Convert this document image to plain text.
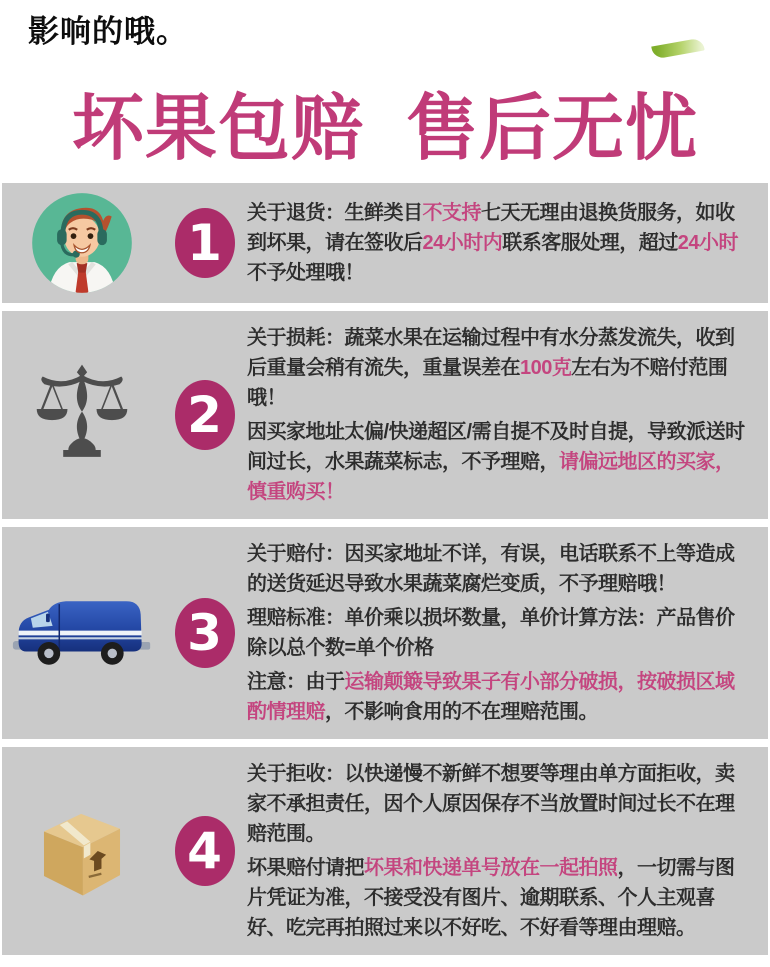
影响的哦。
坏果包赔  售后无忧
1

关于退货：生鲜类目不支持七天无理由退换货服务，如收到坏果，请在签收后24小时内联系客服处理，超过24小时不予处理哦！

2

关于损耗：蔬菜水果在运输过程中有水分蒸发流失，收到后重量会稍有流失，重量误差在100克左右为不赔付范围哦！

因买家地址太偏/快递超区/需自提不及时自提，导致派送时间过长，水果蔬菜标志，不予理赔，请偏远地区的买家，慎重购买！

3

关于赔付：因买家地址不详，有误，电话联系不上等造成的送货延迟导致水果蔬菜腐烂变质，不予理赔哦！

理赔标准：单价乘以损坏数量，单价计算方法：产品售价除以总个数=单个价格

注意：由于运输颠簸导致果子有小部分破损，按破损区域酌情理赔，不影响食用的不在理赔范围。

4

关于拒收：以快递慢不新鲜不想要等理由单方面拒收，卖家不承担责任，因个人原因保存不当放置时间过长不在理赔范围。

坏果赔付请把坏果和快递单号放在一起拍照，一切需与图片凭证为准，不接受没有图片、逾期联系、个人主观喜好、吃完再拍照过来以不好吃、不好看等理由理赔。
